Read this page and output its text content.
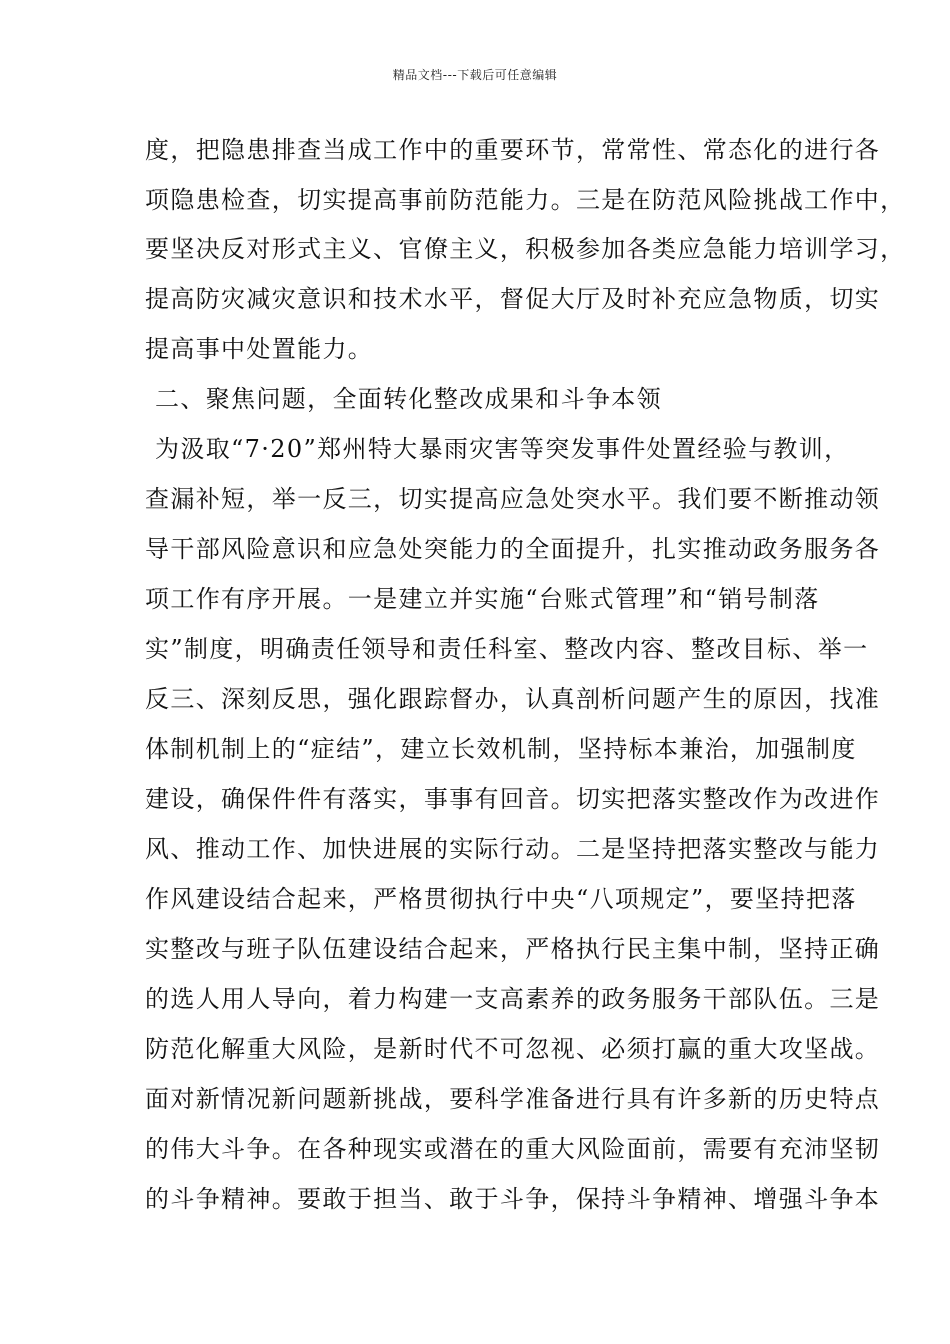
精品文档---下载后可任意编辑
度，把隐患排查当成工作中的重要环节，常常性、常态化的进行各
项隐患检查，切实提高事前防范能力。三是在防范风险挑战工作中，
要坚决反对形式主义、官僚主义，积极参加各类应急能力培训学习，
提高防灾减灾意识和技术水平，督促大厅及时补充应急物质，切实
提高事中处置能力。
二、聚焦问题，全面转化整改成果和斗争本领
为汲取“7·20”郑州特大暴雨灾害等突发事件处置经验与教训，
查漏补短，举一反三，切实提高应急处突水平。我们要不断推动领
导干部风险意识和应急处突能力的全面提升，扎实推动政务服务各
项工作有序开展。一是建立并实施“台账式管理”和“销号制落
实”制度，明确责任领导和责任科室、整改内容、整改目标、举一
反三、深刻反思，强化跟踪督办，认真剖析问题产生的原因，找准
体制机制上的“症结”，建立长效机制，坚持标本兼治，加强制度
建设，确保件件有落实，事事有回音。切实把落实整改作为改进作
风、推动工作、加快进展的实际行动。二是坚持把落实整改与能力
作风建设结合起来，严格贯彻执行中央“八项规定”，要坚持把落
实整改与班子队伍建设结合起来，严格执行民主集中制，坚持正确
的选人用人导向，着力构建一支高素养的政务服务干部队伍。三是
防范化解重大风险，是新时代不可忽视、必须打赢的重大攻坚战。
面对新情况新问题新挑战，要科学准备进行具有许多新的历史特点
的伟大斗争。在各种现实或潜在的重大风险面前，需要有充沛坚韧
的斗争精神。要敢于担当、敢于斗争，保持斗争精神、增强斗争本
